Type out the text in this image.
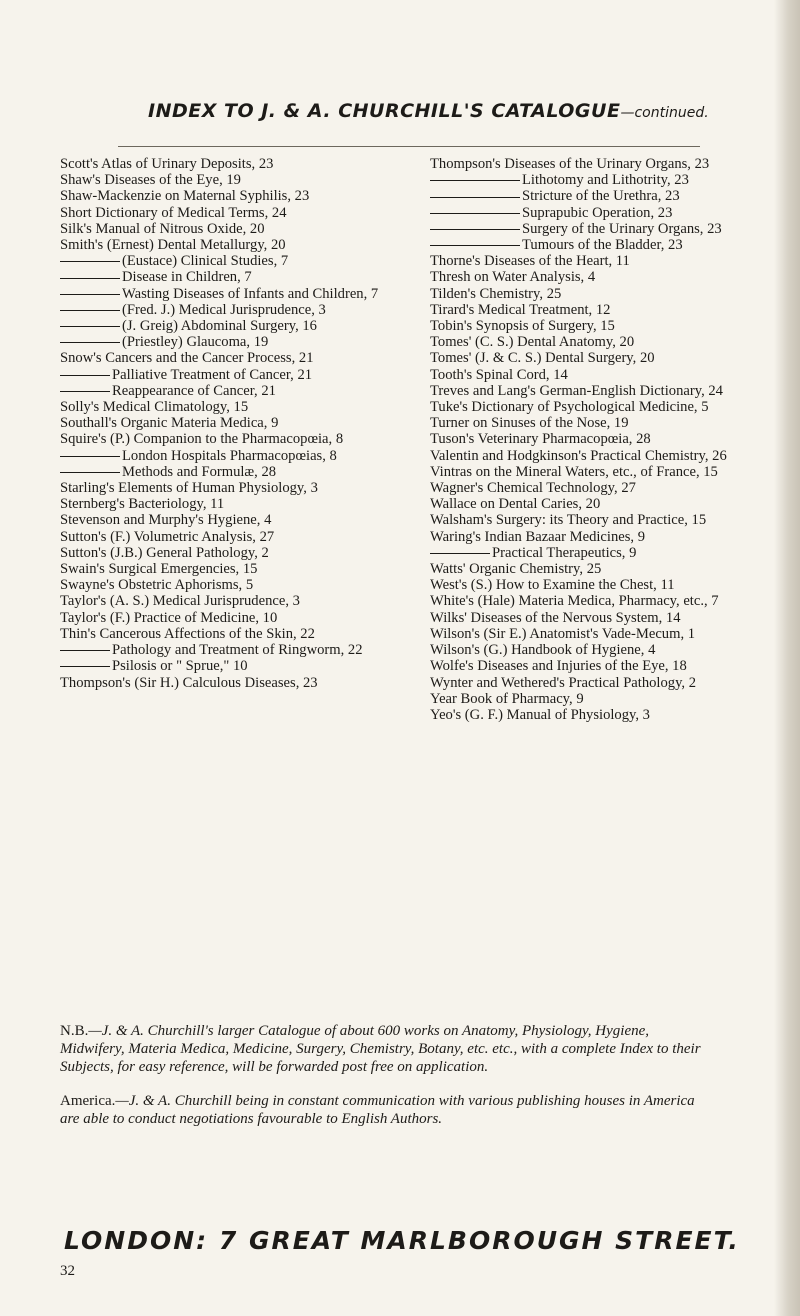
INDEX TO J. & A. CHURCHILL'S CATALOGUE—continued.
Scott's Atlas of Urinary Deposits, 23
Shaw's Diseases of the Eye, 19
Shaw-Mackenzie on Maternal Syphilis, 23
Short Dictionary of Medical Terms, 24
Silk's Manual of Nitrous Oxide, 20
Smith's (Ernest) Dental Metallurgy, 20
(Eustace) Clinical Studies, 7
Disease in Children, 7
Wasting Diseases of Infants and Children, 7
(Fred. J.) Medical Jurisprudence, 3
(J. Greig) Abdominal Surgery, 16
(Priestley) Glaucoma, 19
Snow's Cancers and the Cancer Process, 21
Palliative Treatment of Cancer, 21
Reappearance of Cancer, 21
Solly's Medical Climatology, 15
Southall's Organic Materia Medica, 9
Squire's (P.) Companion to the Pharmacopœia, 8
London Hospitals Pharmacopœias, 8
Methods and Formulæ, 28
Starling's Elements of Human Physiology, 3
Sternberg's Bacteriology, 11
Stevenson and Murphy's Hygiene, 4
Sutton's (F.) Volumetric Analysis, 27
Sutton's (J.B.) General Pathology, 2
Swain's Surgical Emergencies, 15
Swayne's Obstetric Aphorisms, 5
Taylor's (A. S.) Medical Jurisprudence, 3
Taylor's (F.) Practice of Medicine, 10
Thin's Cancerous Affections of the Skin, 22
Pathology and Treatment of Ringworm, 22
Psilosis or " Sprue," 10
Thompson's (Sir H.) Calculous Diseases, 23
Thompson's Diseases of the Urinary Organs, 23
Lithotomy and Lithotrity, 23
Stricture of the Urethra, 23
Suprapubic Operation, 23
Surgery of the Urinary Organs, 23
Tumours of the Bladder, 23
Thorne's Diseases of the Heart, 11
Thresh on Water Analysis, 4
Tilden's Chemistry, 25
Tirard's Medical Treatment, 12
Tobin's Synopsis of Surgery, 15
Tomes' (C. S.) Dental Anatomy, 20
Tomes' (J. & C. S.) Dental Surgery, 20
Tooth's Spinal Cord, 14
Treves and Lang's German-English Dictionary, 24
Tuke's Dictionary of Psychological Medicine, 5
Turner on Sinuses of the Nose, 19
Tuson's Veterinary Pharmacopœia, 28
Valentin and Hodgkinson's Practical Chemistry, 26
Vintras on the Mineral Waters, etc., of France, 15
Wagner's Chemical Technology, 27
Wallace on Dental Caries, 20
Walsham's Surgery: its Theory and Practice, 15
Waring's Indian Bazaar Medicines, 9
Practical Therapeutics, 9
Watts' Organic Chemistry, 25
West's (S.) How to Examine the Chest, 11
White's (Hale) Materia Medica, Pharmacy, etc., 7
Wilks' Diseases of the Nervous System, 14
Wilson's (Sir E.) Anatomist's Vade-Mecum, 1
Wilson's (G.) Handbook of Hygiene, 4
Wolfe's Diseases and Injuries of the Eye, 18
Wynter and Wethered's Practical Pathology, 2
Year Book of Pharmacy, 9
Yeo's (G. F.) Manual of Physiology, 3

N.B.—J. & A. Churchill's larger Catalogue of about 600 works on Anatomy, Physiology, Hygiene, Midwifery, Materia Medica, Medicine, Surgery, Chemistry, Botany, etc. etc., with a complete Index to their Subjects, for easy reference, will be forwarded post free on application.

America.—J. & A. Churchill being in constant communication with various publishing houses in America are able to conduct negotiations favourable to English Authors.

LONDON: 7 GREAT MARLBOROUGH STREET.
32
